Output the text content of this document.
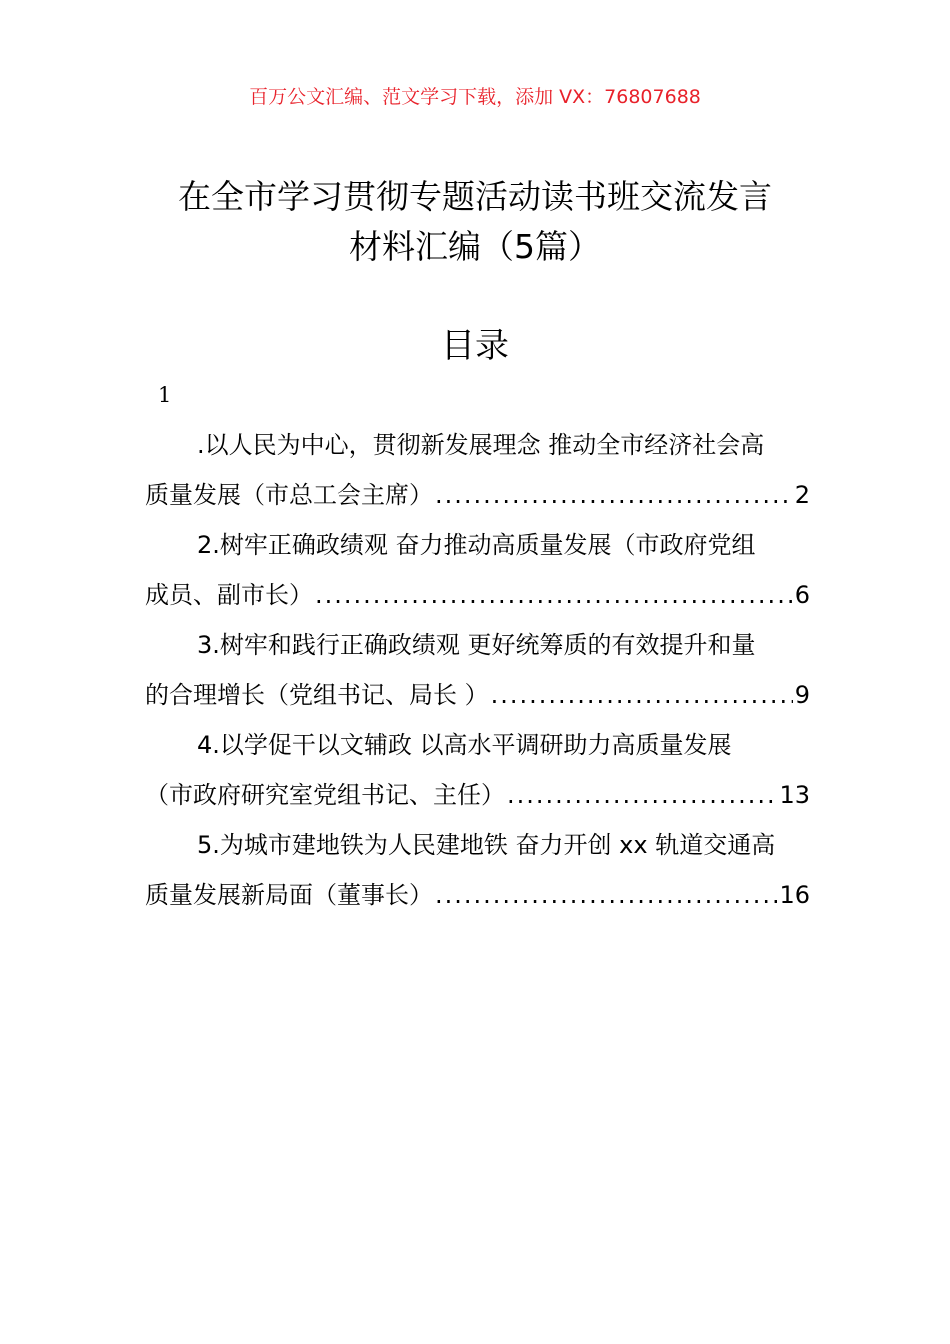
百万公文汇编、范文学习下载，添加 VX：76807688
在全市学习贯彻专题活动读书班交流发言
材料汇编（5篇）
目录
1
.以人民为中心，贯彻新发展理念 推动全市经济社会高
质量发展（市总工会主席） .....	2
2.树牢正确政绩观 奋力推动高质量发展（市政府党组
成员、副市长） .....	6
3.树牢和践行正确政绩观 更好统筹质的有效提升和量
的合理增长（党组书记、局长 ） .....	9
4.以学促干以文辅政 以高水平调研助力高质量发展
（市政府研究室党组书记、主任） .....	13
5.为城市建地铁为人民建地铁 奋力开创 xx 轨道交通高
质量发展新局面（董事长） .....	16
